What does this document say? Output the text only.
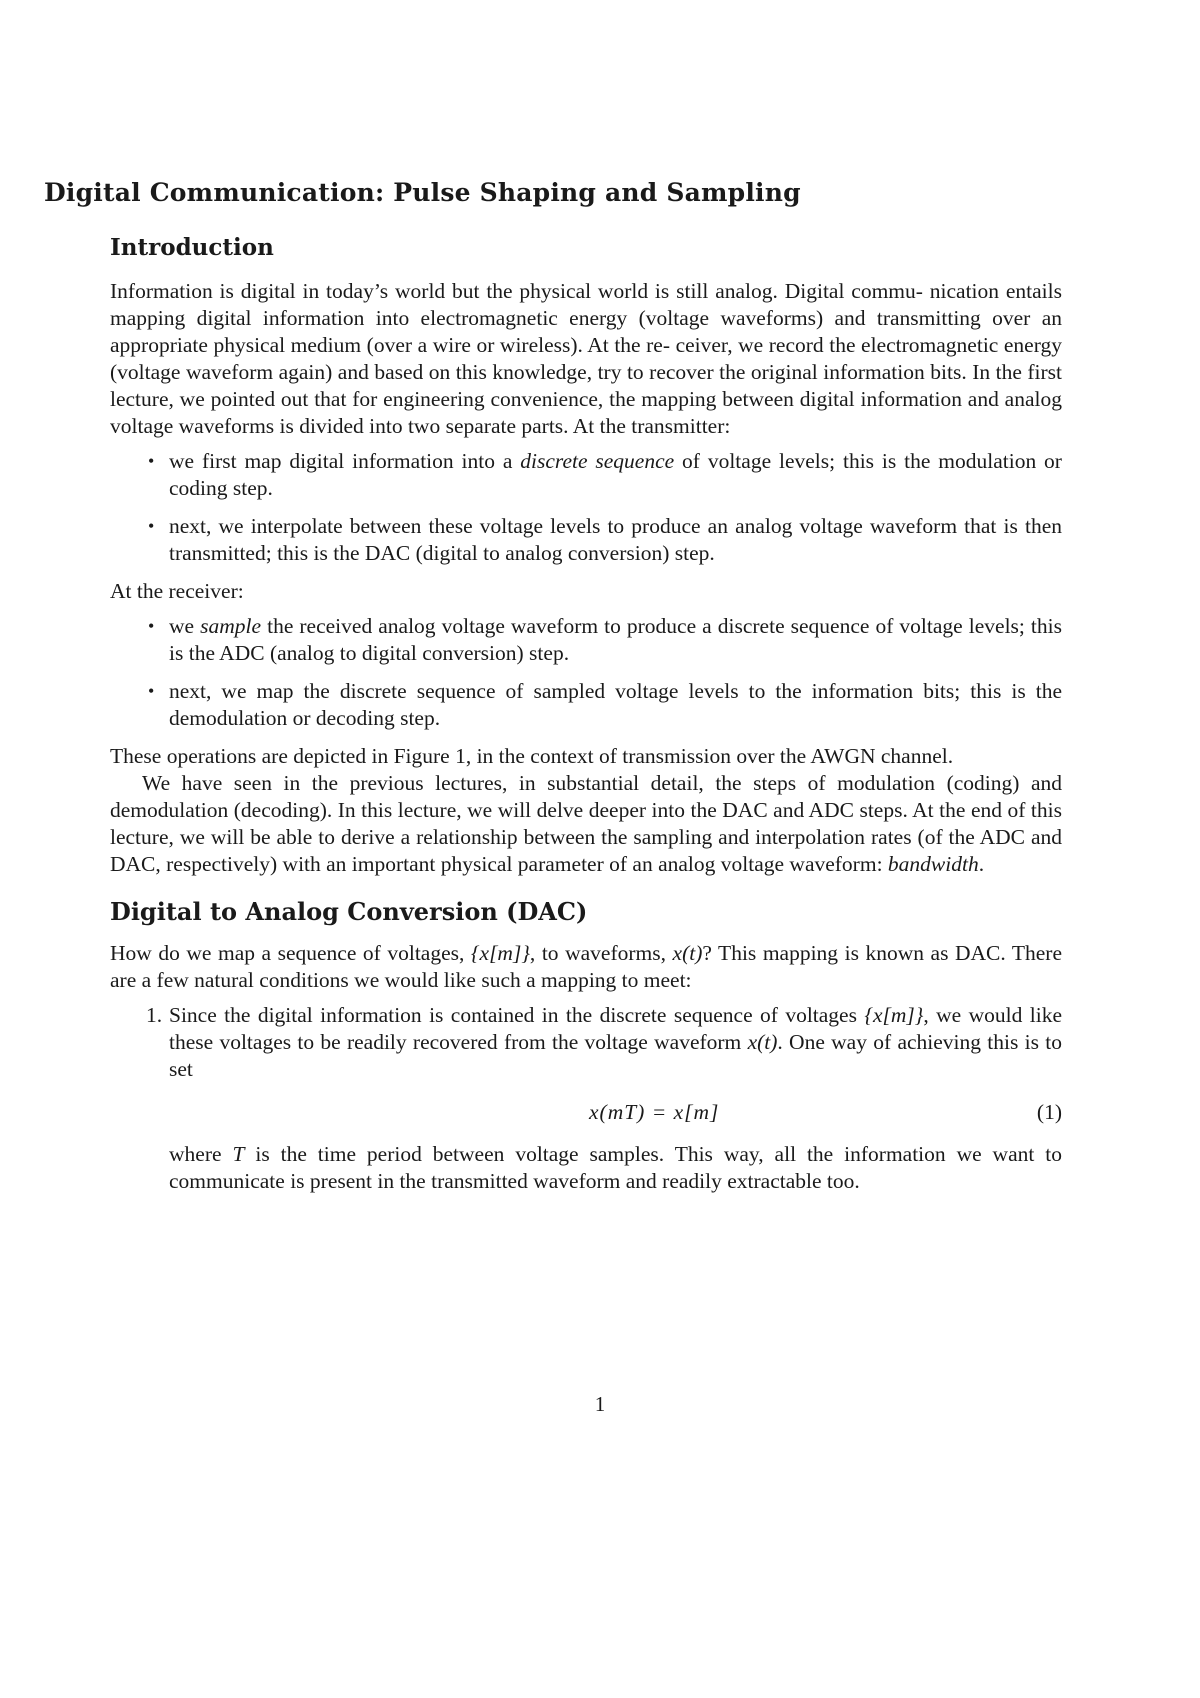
Digital Communication: Pulse Shaping and Sampling
Introduction

Information is digital in today’s world but the physical world is still analog. Digital commu- nication entails mapping digital information into electromagnetic energy (voltage waveforms) and transmitting over an appropriate physical medium (over a wire or wireless). At the re- ceiver, we record the electromagnetic energy (voltage waveform again) and based on this knowledge, try to recover the original information bits. In the first lecture, we pointed out that for engineering convenience, the mapping between digital information and analog voltage waveforms is divided into two separate parts. At the transmitter:

• we first map digital information into a discrete sequence of voltage levels; this is the modulation or coding step.
• next, we interpolate between these voltage levels to produce an analog voltage waveform that is then transmitted; this is the DAC (digital to analog conversion) step.

At the receiver:

• we sample the received analog voltage waveform to produce a discrete sequence of voltage levels; this is the ADC (analog to digital conversion) step.
• next, we map the discrete sequence of sampled voltage levels to the information bits; this is the demodulation or decoding step.

These operations are depicted in Figure 1, in the context of transmission over the AWGN channel.

We have seen in the previous lectures, in substantial detail, the steps of modulation (coding) and demodulation (decoding). In this lecture, we will delve deeper into the DAC and ADC steps. At the end of this lecture, we will be able to derive a relationship between the sampling and interpolation rates (of the ADC and DAC, respectively) with an important physical parameter of an analog voltage waveform: bandwidth.

Digital to Analog Conversion (DAC)

How do we map a sequence of voltages, {x[m]}, to waveforms, x(t)? This mapping is known as DAC. There are a few natural conditions we would like such a mapping to meet:

1. Since the digital information is contained in the discrete sequence of voltages {x[m]}, we would like these voltages to be readily recovered from the voltage waveform x(t). One way of achieving this is to set
x(mT) = x[m]	(1)

where T is the time period between voltage samples. This way, all the information we want to communicate is present in the transmitted waveform and readily extractable too.

1
